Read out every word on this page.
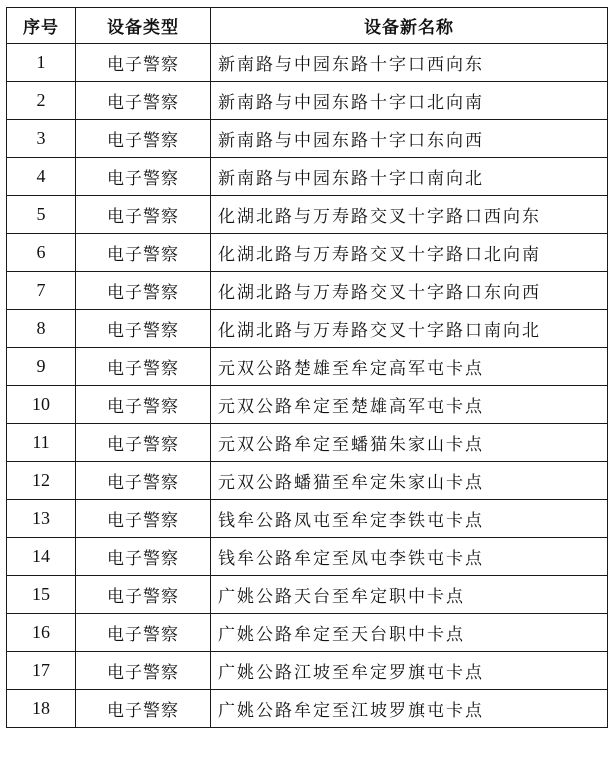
序号	设备类型	设备新名称
1	电子警察	新南路与中园东路十字口西向东
2	电子警察	新南路与中园东路十字口北向南
3	电子警察	新南路与中园东路十字口东向西
4	电子警察	新南路与中园东路十字口南向北
5	电子警察	化湖北路与万寿路交叉十字路口西向东
6	电子警察	化湖北路与万寿路交叉十字路口北向南
7	电子警察	化湖北路与万寿路交叉十字路口东向西
8	电子警察	化湖北路与万寿路交叉十字路口南向北
9	电子警察	元双公路楚雄至牟定高军屯卡点
10	电子警察	元双公路牟定至楚雄高军屯卡点
11	电子警察	元双公路牟定至蟠猫朱家山卡点
12	电子警察	元双公路蟠猫至牟定朱家山卡点
13	电子警察	钱牟公路凤屯至牟定李铁屯卡点
14	电子警察	钱牟公路牟定至凤屯李铁屯卡点
15	电子警察	广姚公路天台至牟定职中卡点
16	电子警察	广姚公路牟定至天台职中卡点
17	电子警察	广姚公路江坡至牟定罗旗屯卡点
18	电子警察	广姚公路牟定至江坡罗旗屯卡点
